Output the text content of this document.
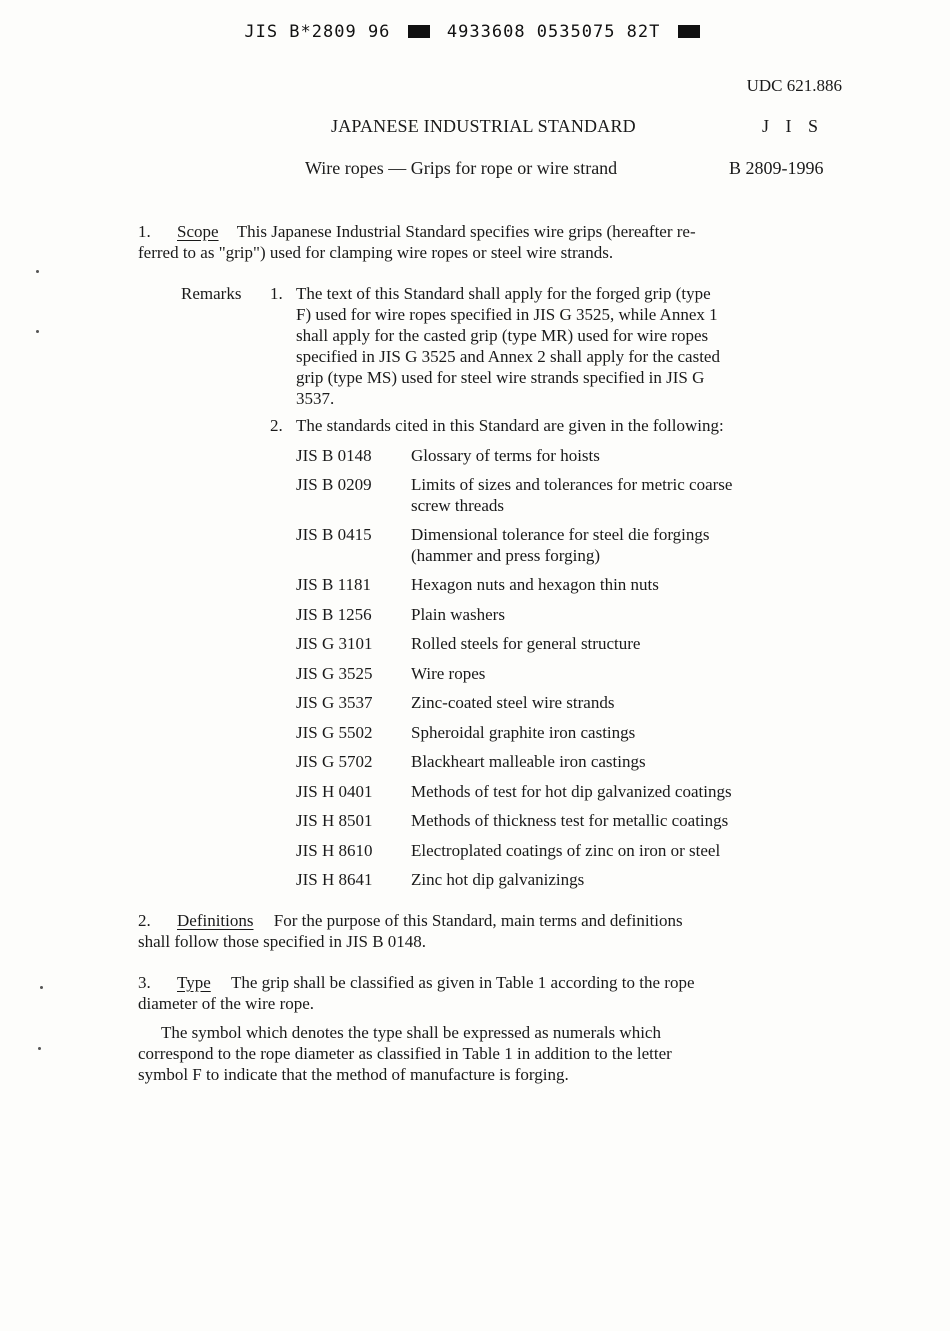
JIS B*2809 96	4933608 0535075 82T
UDC 621.886
JAPANESE INDUSTRIAL STANDARD	J I S
Wire ropes — Grips for rope or wire strand	B 2809-1996

1. Scope This Japanese Industrial Standard specifies wire grips (hereafter re-

ferred to as "grip") used for clamping wire ropes or steel wire strands.

Remarks 1. The text of this Standard shall apply for the forged grip (type
F) used for wire ropes specified in JIS G 3525, while Annex 1
shall apply for the casted grip (type MR) used for wire ropes
specified in JIS G 3525 and Annex 2 shall apply for the casted
grip (type MS) used for steel wire strands specified in JIS G
3537.
2. The standards cited in this Standard are given in the following:
JIS B 0148	Glossary of terms for hoists
JIS B 0209	Limits of sizes and tolerances for metric coarse
screw threads
JIS B 0415	Dimensional tolerance for steel die forgings
(hammer and press forging)
JIS B 1181	Hexagon nuts and hexagon thin nuts
JIS B 1256	Plain washers
JIS G 3101	Rolled steels for general structure
JIS G 3525	Wire ropes
JIS G 3537	Zinc-coated steel wire strands
JIS G 5502	Spheroidal graphite iron castings
JIS G 5702	Blackheart malleable iron castings
JIS H 0401	Methods of test for hot dip galvanized coatings
JIS H 8501	Methods of thickness test for metallic coatings
JIS H 8610	Electroplated coatings of zinc on iron or steel
JIS H 8641	Zinc hot dip galvanizings

2. Definitions For the purpose of this Standard, main terms and definitions

shall follow those specified in JIS B 0148.

3. Type The grip shall be classified as given in Table 1 according to the rope

diameter of the wire rope.

The symbol which denotes the type shall be expressed as numerals which

correspond to the rope diameter as classified in Table 1 in addition to the letter

symbol F to indicate that the method of manufacture is forging.
